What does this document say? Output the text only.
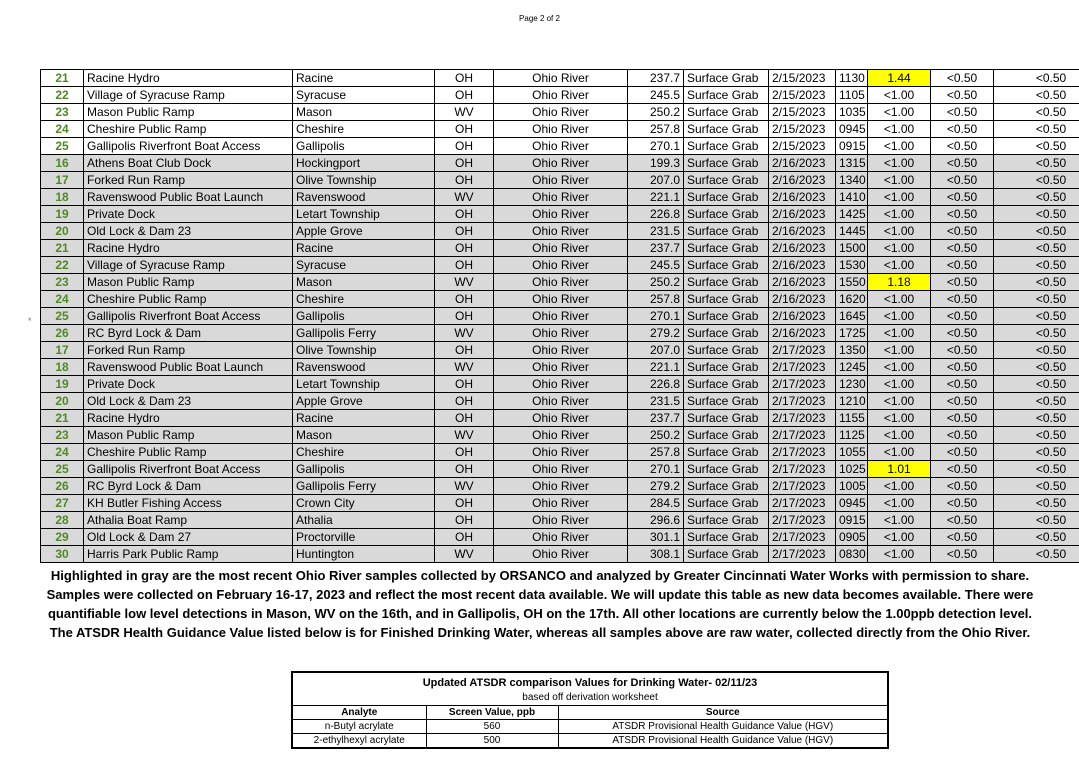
Page 2 of 2
*
21	Racine Hydro	Racine	OH	Ohio River	237.7	Surface Grab	2/15/2023	1130	1.44	<0.50	<0.50
22	Village of Syracuse Ramp	Syracuse	OH	Ohio River	245.5	Surface Grab	2/15/2023	1105	<1.00	<0.50	<0.50
23	Mason Public Ramp	Mason	WV	Ohio River	250.2	Surface Grab	2/15/2023	1035	<1.00	<0.50	<0.50
24	Cheshire Public Ramp	Cheshire	OH	Ohio River	257.8	Surface Grab	2/15/2023	0945	<1.00	<0.50	<0.50
25	Gallipolis Riverfront Boat Access	Gallipolis	OH	Ohio River	270.1	Surface Grab	2/15/2023	0915	<1.00	<0.50	<0.50
16	Athens Boat Club Dock	Hockingport	OH	Ohio River	199.3	Surface Grab	2/16/2023	1315	<1.00	<0.50	<0.50
17	Forked Run Ramp	Olive Township	OH	Ohio River	207.0	Surface Grab	2/16/2023	1340	<1.00	<0.50	<0.50
18	Ravenswood Public Boat Launch	Ravenswood	WV	Ohio River	221.1	Surface Grab	2/16/2023	1410	<1.00	<0.50	<0.50
19	Private Dock	Letart Township	OH	Ohio River	226.8	Surface Grab	2/16/2023	1425	<1.00	<0.50	<0.50
20	Old Lock & Dam 23	Apple Grove	OH	Ohio River	231.5	Surface Grab	2/16/2023	1445	<1.00	<0.50	<0.50
21	Racine Hydro	Racine	OH	Ohio River	237.7	Surface Grab	2/16/2023	1500	<1.00	<0.50	<0.50
22	Village of Syracuse Ramp	Syracuse	OH	Ohio River	245.5	Surface Grab	2/16/2023	1530	<1.00	<0.50	<0.50
23	Mason Public Ramp	Mason	WV	Ohio River	250.2	Surface Grab	2/16/2023	1550	1.18	<0.50	<0.50
24	Cheshire Public Ramp	Cheshire	OH	Ohio River	257.8	Surface Grab	2/16/2023	1620	<1.00	<0.50	<0.50
25	Gallipolis Riverfront Boat Access	Gallipolis	OH	Ohio River	270.1	Surface Grab	2/16/2023	1645	<1.00	<0.50	<0.50
26	RC Byrd Lock & Dam	Gallipolis Ferry	WV	Ohio River	279.2	Surface Grab	2/16/2023	1725	<1.00	<0.50	<0.50
17	Forked Run Ramp	Olive Township	OH	Ohio River	207.0	Surface Grab	2/17/2023	1350	<1.00	<0.50	<0.50
18	Ravenswood Public Boat Launch	Ravenswood	WV	Ohio River	221.1	Surface Grab	2/17/2023	1245	<1.00	<0.50	<0.50
19	Private Dock	Letart Township	OH	Ohio River	226.8	Surface Grab	2/17/2023	1230	<1.00	<0.50	<0.50
20	Old Lock & Dam 23	Apple Grove	OH	Ohio River	231.5	Surface Grab	2/17/2023	1210	<1.00	<0.50	<0.50
21	Racine Hydro	Racine	OH	Ohio River	237.7	Surface Grab	2/17/2023	1155	<1.00	<0.50	<0.50
23	Mason Public Ramp	Mason	WV	Ohio River	250.2	Surface Grab	2/17/2023	1125	<1.00	<0.50	<0.50
24	Cheshire Public Ramp	Cheshire	OH	Ohio River	257.8	Surface Grab	2/17/2023	1055	<1.00	<0.50	<0.50
25	Gallipolis Riverfront Boat Access	Gallipolis	OH	Ohio River	270.1	Surface Grab	2/17/2023	1025	1.01	<0.50	<0.50
26	RC Byrd Lock & Dam	Gallipolis Ferry	WV	Ohio River	279.2	Surface Grab	2/17/2023	1005	<1.00	<0.50	<0.50
27	KH Butler Fishing Access	Crown City	OH	Ohio River	284.5	Surface Grab	2/17/2023	0945	<1.00	<0.50	<0.50
28	Athalia Boat Ramp	Athalia	OH	Ohio River	296.6	Surface Grab	2/17/2023	0915	<1.00	<0.50	<0.50
29	Old Lock & Dam 27	Proctorville	OH	Ohio River	301.1	Surface Grab	2/17/2023	0905	<1.00	<0.50	<0.50
30	Harris Park Public Ramp	Huntington	WV	Ohio River	308.1	Surface Grab	2/17/2023	0830	<1.00	<0.50	<0.50
Highlighted in gray are the most recent Ohio River samples collected by ORSANCO and analyzed by Greater Cincinnati Water Works with permission to share. Samples were collected on February 16-17, 2023 and reflect the most recent data available. We will update this table as new data becomes available. There were quantifiable low level detections in Mason, WV on the 16th, and in Gallipolis, OH on the 17th. All other locations are currently below the 1.00ppb detection level. The ATSDR Health Guidance Value listed below is for Finished Drinking Water, whereas all samples above are raw water, collected directly from the Ohio River.
Updated ATSDR comparison Values for Drinking Water- 02/11/23		
based off derivation worksheet		
Analyte	Screen Value, ppb	Source
n-Butyl acrylate	560	ATSDR Provisional Health Guidance Value (HGV)
2-ethylhexyl acrylate	500	ATSDR Provisional Health Guidance Value (HGV)
